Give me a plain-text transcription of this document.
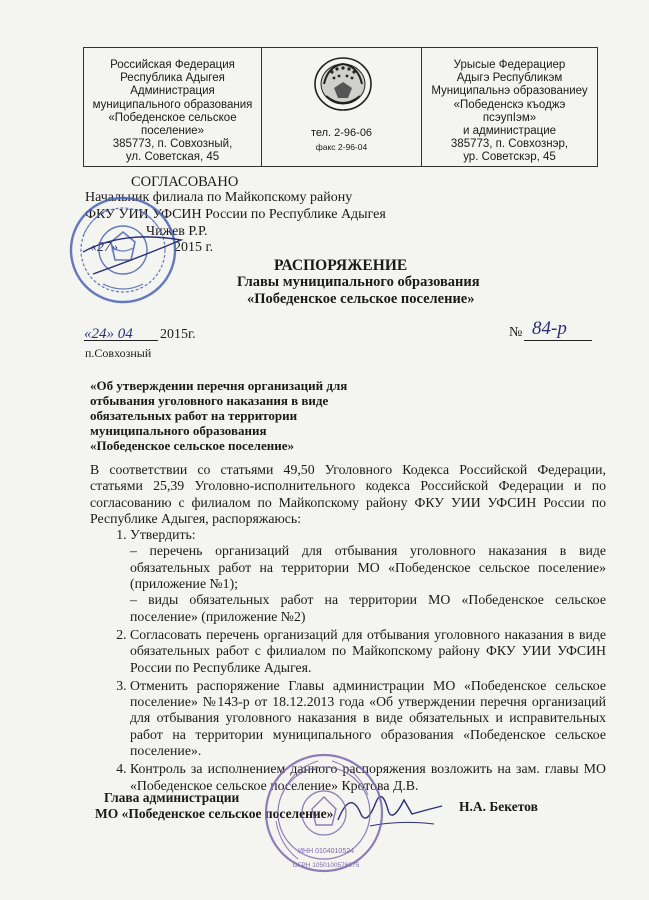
Российская Федерация
Республика Адыгея
Администрация
муниципального образования
«Победенское сельское
поселение»
385773, п. Совхозный,
ул. Советская, 45
тел. 2-96-06
факс 2-96-04
Урысые Федерациер
Адыгэ Республикэм
Муниципальнэ образованиеу
«Победенскэ къоджэ
псэупІэм»
и администрацие
385773, п. Совхознэр,
ур. Советскэр, 45
СОГЛАСОВАНО
Начальник филиала по Майкопскому району
ФКУ УИИ УФСИН России по Республике Адыгея
Чижев Р.Р.
«27»	2015 г.
РАСПОРЯЖЕНИЕ
Главы муниципального образования
«Победенское сельское поселение»
«24» 04 2015г.	№ 84-р
п.Совхозный
«Об утверждении перечня организаций для
отбывания уголовного наказания в виде
обязательных работ на территории
муниципального образования
«Победенское сельское поселение»

В соответствии со статьями 49,50 Уголовного Кодекса Российской Федерации, статьями 25,39 Уголовно-исполнительного кодекса Российской Федерации и по согласованию с филиалом по Майкопскому району ФКУ УИИ УФСИН России по Республике Адыгея, распоряжаюсь:

1. Утвердить:

– перечень организаций для отбывания уголовного наказания в виде обязательных работ на территории МО «Победенское сельское поселение» (приложение №1);

– виды обязательных работ на территории МО «Победенское сельское поселение» (приложение №2)

2. Согласовать перечень организаций для отбывания уголовного наказания в виде обязательных работ с филиалом по Майкопскому району ФКУ УИИ УФСИН России по Республике Адыгея.
3. Отменить распоряжение Главы администрации МО «Победенское сельское поселение» №143-р от 18.12.2013 года «Об утверждении перечня организаций для отбывания уголовного наказания в виде обязательных и исправительных работ на территории муниципального образования «Победенское сельское поселение».
4. Контроль за исполнением данного распоряжения возложить на зам. главы МО «Победенское сельское поселение» Кротова Д.В.
Глава администрации
МО «Победенское сельское поселение»	Н.А. Бекетов
ИНН 0104010524
ОГРН 1050100576975
